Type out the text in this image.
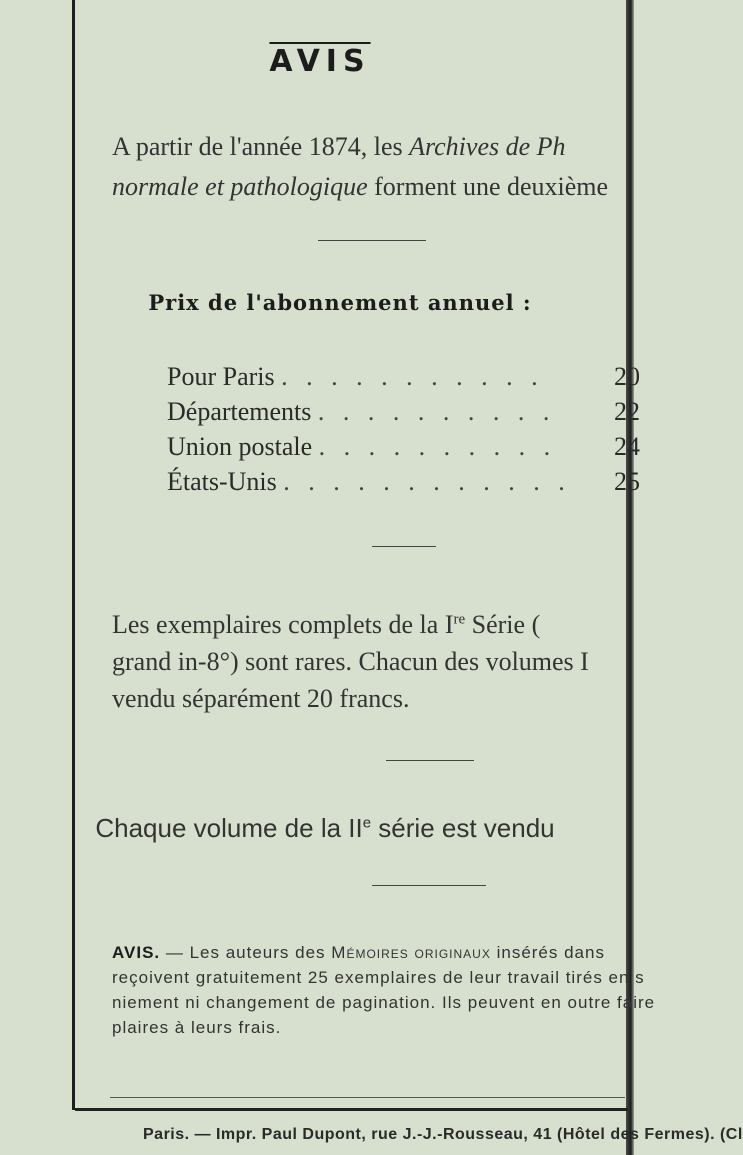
AVIS

A partir de l'année 1874, les Archives de Ph

normale et pathologique forment une deuxième

Prix de l'abonnement annuel :
Pour Paris . . . . . . . . . . .	20
Départements . . . . . . . . . . 22
Union postale . . . . . . . . . . 24
États-Unis . . . . . . . . . . . . 25

Les exemplaires complets de la Ire Série (

grand in-8°) sont rares. Chacun des volumes I

vendu séparément 20 francs.

Chaque volume de la IIe série est vendu

AVIS. — Les auteurs des Mémoires originaux insérés dans

reçoivent gratuitement 25 exemplaires de leur travail tirés en s

niement ni changement de pagination. Ils peuvent en outre faire

plaires à leurs frais.

Paris. — Impr. Paul Dupont, rue J.-J.-Rousseau, 41 (Hôtel des Fermes). (Cl
